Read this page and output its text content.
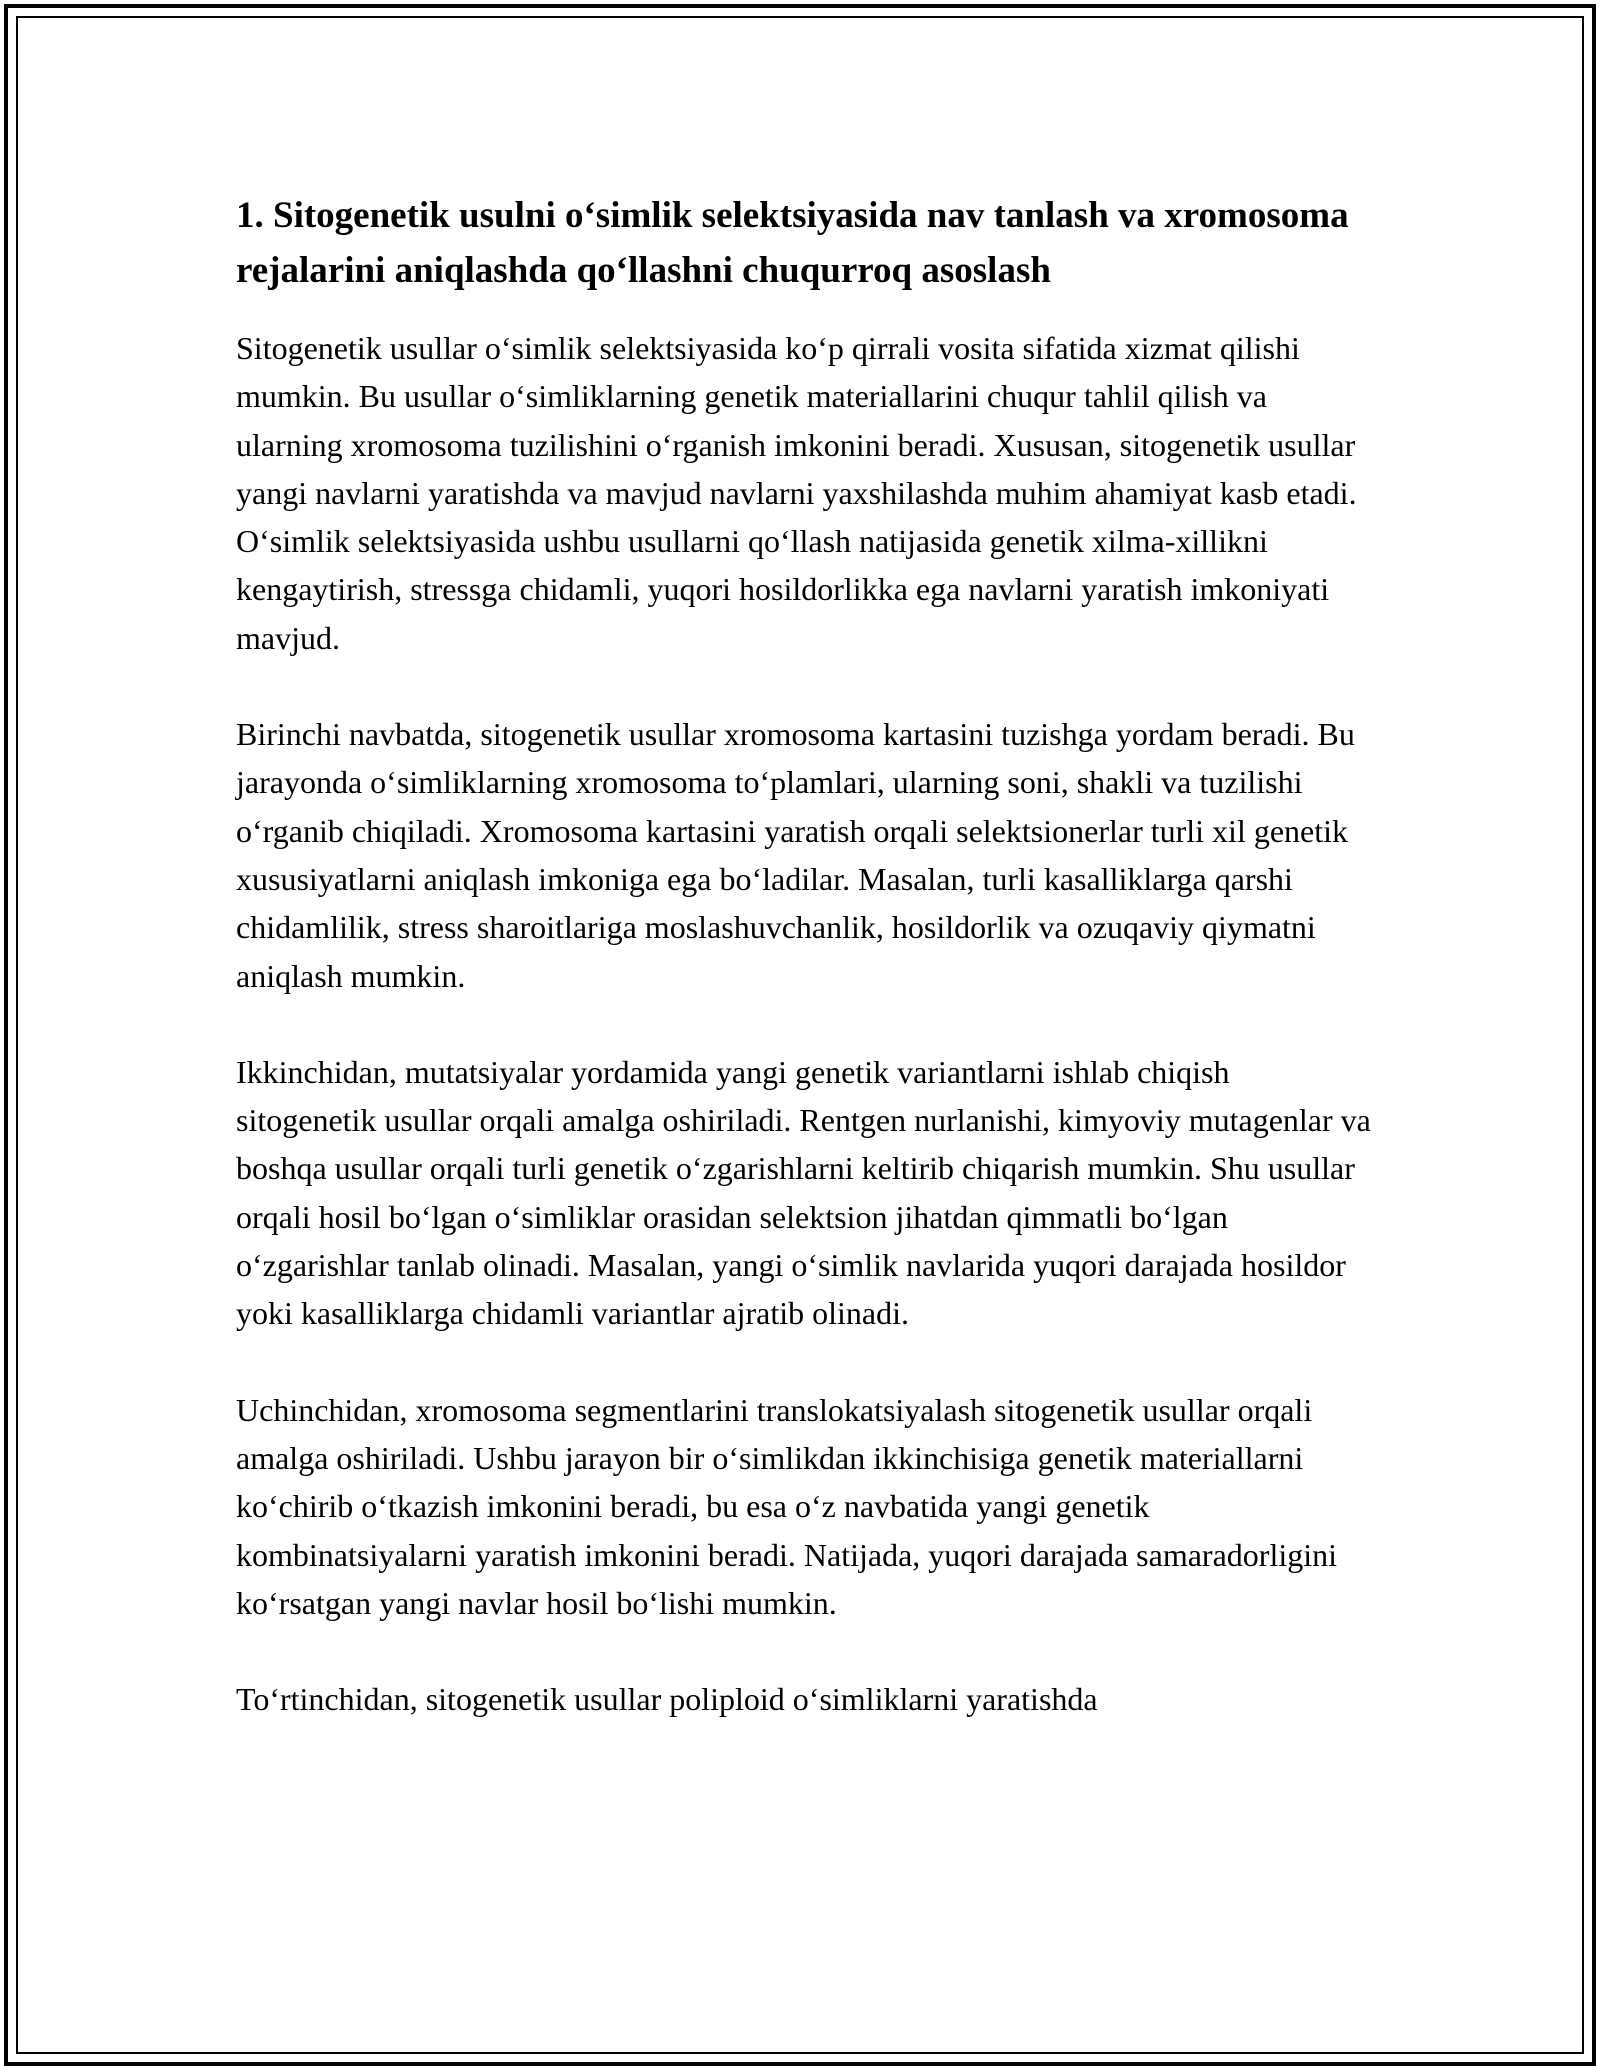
1. Sitogenetik usulni o‘simlik selektsiyasida nav tanlash va xromosoma rejalarini aniqlashda qo‘llashni chuqurroq asoslash

Sitogenetik usullar o‘simlik selektsiyasida ko‘p qirrali vosita sifatida xizmat qilishi mumkin. Bu usullar o‘simliklarning genetik materiallarini chuqur tahlil qilish va ularning xromosoma tuzilishini o‘rganish imkonini beradi. Xususan, sitogenetik usullar yangi navlarni yaratishda va mavjud navlarni yaxshilashda muhim ahamiyat kasb etadi. O‘simlik selektsiyasida ushbu usullarni qo‘llash natijasida genetik xilma-xillikni kengaytirish, stressga chidamli, yuqori hosildorlikka ega navlarni yaratish imkoniyati mavjud.

Birinchi navbatda, sitogenetik usullar xromosoma kartasini tuzishga yordam beradi. Bu jarayonda o‘simliklarning xromosoma to‘plamlari, ularning soni, shakli va tuzilishi o‘rganib chiqiladi. Xromosoma kartasini yaratish orqali selektsionerlar turli xil genetik xususiyatlarni aniqlash imkoniga ega bo‘ladilar. Masalan, turli kasalliklarga qarshi chidamlilik, stress sharoitlariga moslashuvchanlik, hosildorlik va ozuqaviy qiymatni aniqlash mumkin.

Ikkinchidan, mutatsiyalar yordamida yangi genetik variantlarni ishlab chiqish sitogenetik usullar orqali amalga oshiriladi. Rentgen nurlanishi, kimyoviy mutagenlar va boshqa usullar orqali turli genetik o‘zgarishlarni keltirib chiqarish mumkin. Shu usullar orqali hosil bo‘lgan o‘simliklar orasidan selektsion jihatdan qimmatli bo‘lgan o‘zgarishlar tanlab olinadi. Masalan, yangi o‘simlik navlarida yuqori darajada hosildor yoki kasalliklarga chidamli variantlar ajratib olinadi.

Uchinchidan, xromosoma segmentlarini translokatsiyalash sitogenetik usullar orqali amalga oshiriladi. Ushbu jarayon bir o‘simlikdan ikkinchisiga genetik materiallarni ko‘chirib o‘tkazish imkonini beradi, bu esa o‘z navbatida yangi genetik kombinatsiyalarni yaratish imkonini beradi. Natijada, yuqori darajada samaradorligini ko‘rsatgan yangi navlar hosil bo‘lishi mumkin.

To‘rtinchidan, sitogenetik usullar poliploid o‘simliklarni yaratishda
